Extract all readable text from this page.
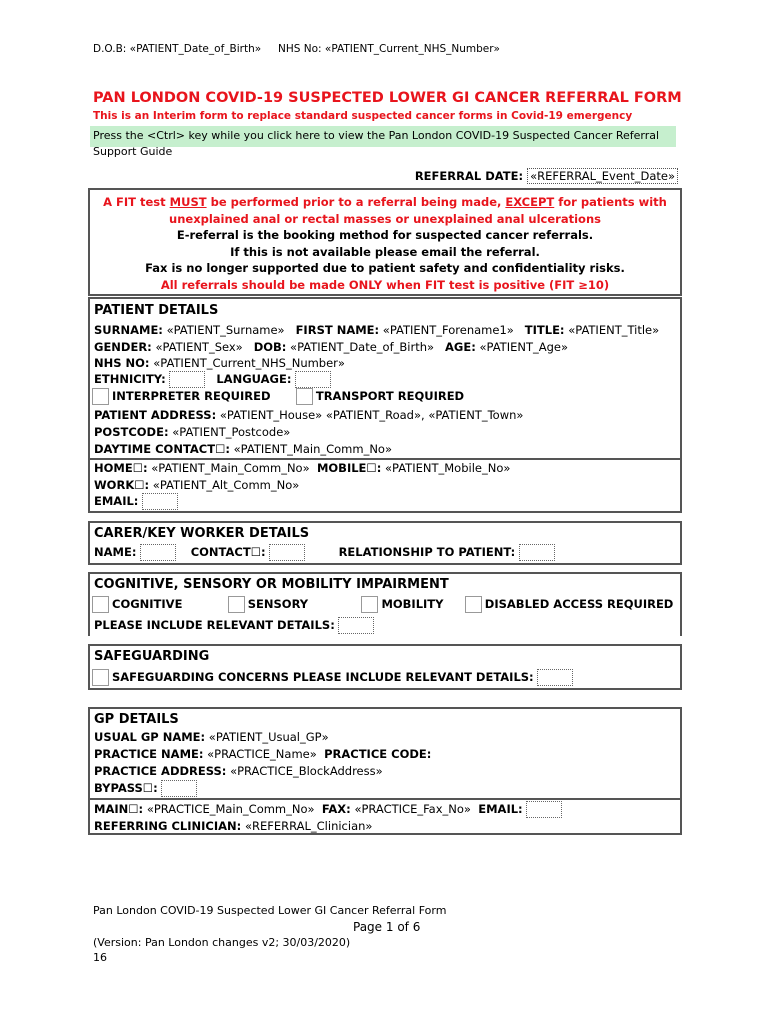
D.O.B: «PATIENT_Date_of_Birth» NHS No: «PATIENT_Current_NHS_Number»
PAN LONDON COVID-19 SUSPECTED LOWER GI CANCER REFERRAL FORM
This is an Interim form to replace standard suspected cancer forms in Covid-19 emergency
Press the <Ctrl> key while you click here to view the Pan London COVID-19 Suspected Cancer Referral Support Guide
REFERRAL DATE: «REFERRAL_Event_Date»
A FIT test MUST be performed prior to a referral being made, EXCEPT for patients with
unexplained anal or rectal masses or unexplained anal ulcerations
E-referral is the booking method for suspected cancer referrals.
If this is not available please email the referral.
Fax is no longer supported due to patient safety and confidentiality risks.
All referrals should be made ONLY when FIT test is positive (FIT ≥10)
PATIENT DETAILS
SURNAME: «PATIENT_Surname» FIRST NAME: «PATIENT_Forename1» TITLE: «PATIENT_Title»
GENDER: «PATIENT_Sex» DOB: «PATIENT_Date_of_Birth» AGE: «PATIENT_Age»
NHS NO: «PATIENT_Current_NHS_Number»
ETHNICITY:	LANGUAGE:
INTERPRETER REQUIRED	TRANSPORT REQUIRED
PATIENT ADDRESS: «PATIENT_House» «PATIENT_Road», «PATIENT_Town»
POSTCODE: «PATIENT_Postcode»
DAYTIME CONTACT☐: «PATIENT_Main_Comm_No»
HOME☐: «PATIENT_Main_Comm_No» MOBILE☐: «PATIENT_Mobile_No»
WORK☐: «PATIENT_Alt_Comm_No»
EMAIL:
CARER/KEY WORKER DETAILS
NAME:	CONTACT☐:	RELATIONSHIP TO PATIENT:
COGNITIVE, SENSORY OR MOBILITY IMPAIRMENT
COGNITIVE	SENSORY	MOBILITY	DISABLED ACCESS REQUIRED
PLEASE INCLUDE RELEVANT DETAILS:
SAFEGUARDING
SAFEGUARDING CONCERNS PLEASE INCLUDE RELEVANT DETAILS:
GP DETAILS
USUAL GP NAME: «PATIENT_Usual_GP»
PRACTICE NAME: «PRACTICE_Name» PRACTICE CODE:
PRACTICE ADDRESS: «PRACTICE_BlockAddress»
BYPASS☐:
MAIN☐: «PRACTICE_Main_Comm_No» FAX: «PRACTICE_Fax_No» EMAIL:
REFERRING CLINICIAN: «REFERRAL_Clinician»
Pan London COVID-19 Suspected Lower GI Cancer Referral Form
Page 1 of 6
(Version: Pan London changes v2; 30/03/2020)
16
